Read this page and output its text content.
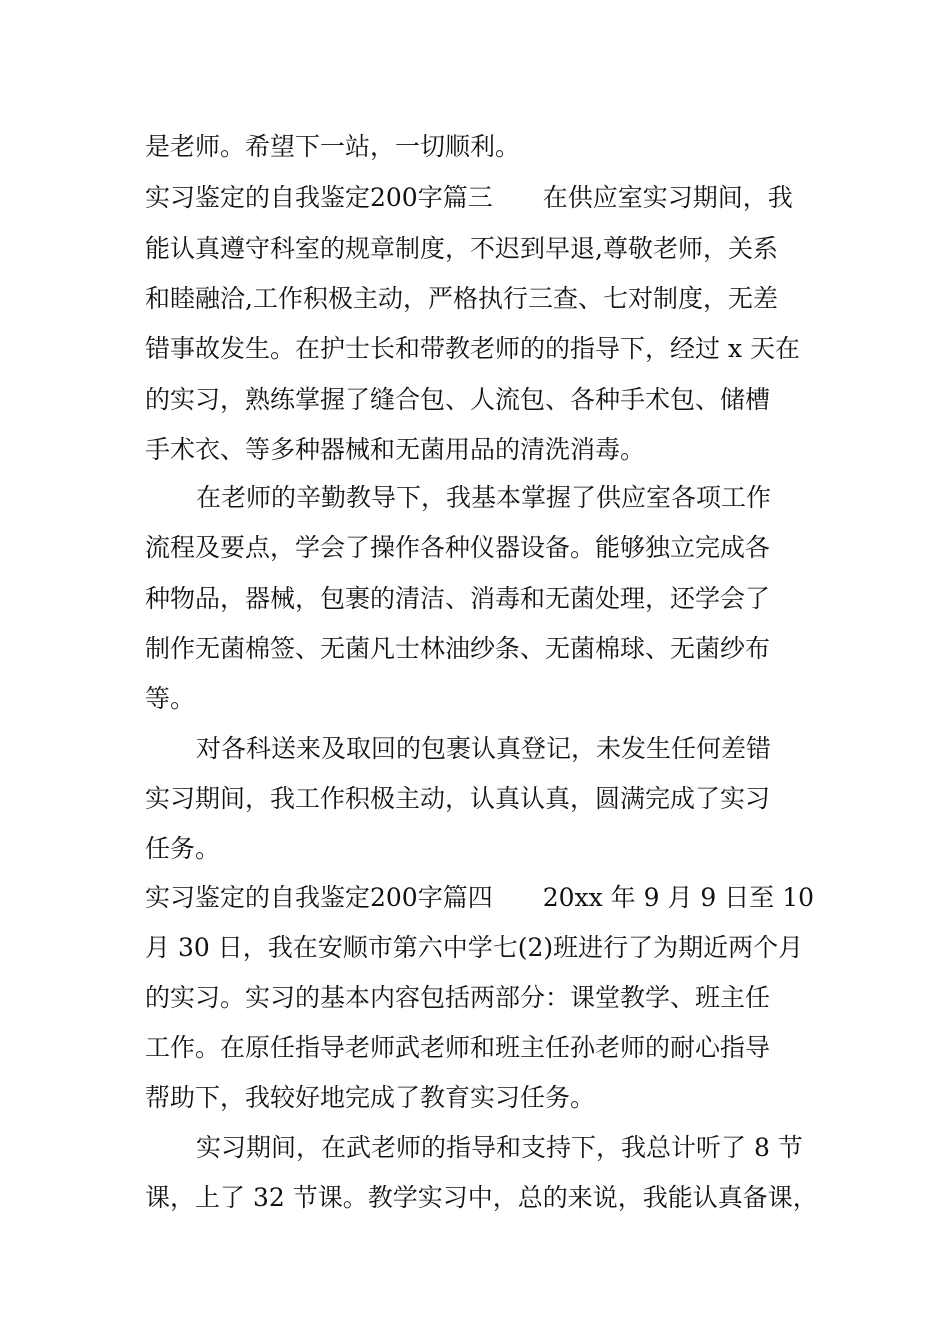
是老师。希望下一站，一切顺利。
实习鉴定的自我鉴定200字篇三　　在供应室实习期间，我
能认真遵守科室的规章制度，不迟到早退,尊敬老师，关系
和睦融洽,工作积极主动，严格执行三查、七对制度，无差
错事故发生。在护士长和带教老师的的指导下，经过 x 天在
的实习，熟练掌握了缝合包、人流包、各种手术包、储槽
手术衣、等多种器械和无菌用品的清洗消毒。
在老师的辛勤教导下，我基本掌握了供应室各项工作
流程及要点，学会了操作各种仪器设备。能够独立完成各
种物品，器械，包裹的清洁、消毒和无菌处理，还学会了
制作无菌棉签、无菌凡士林油纱条、无菌棉球、无菌纱布
等。
对各科送来及取回的包裹认真登记，未发生任何差错
实习期间，我工作积极主动，认真认真，圆满完成了实习
任务。
实习鉴定的自我鉴定200字篇四　　20xx 年 9 月 9 日至 10
月 30 日，我在安顺市第六中学七(2)班进行了为期近两个月
的实习。实习的基本内容包括两部分：课堂教学、班主任
工作。在原任指导老师武老师和班主任孙老师的耐心指导
帮助下，我较好地完成了教育实习任务。
实习期间，在武老师的指导和支持下，我总计听了 8 节
课，上了 32 节课。教学实习中，总的来说，我能认真备课，
